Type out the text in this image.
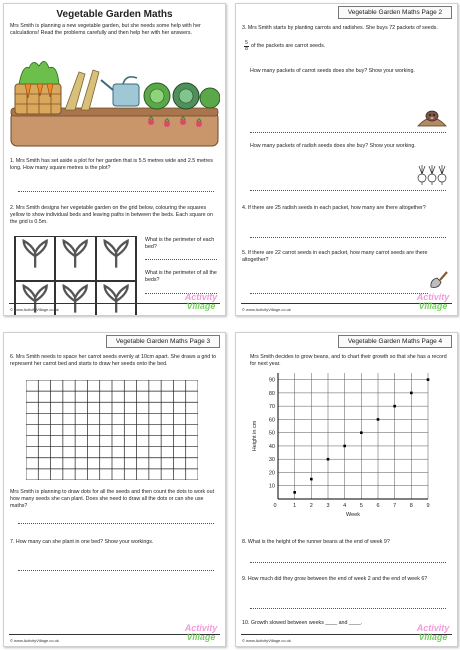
Vegetable Garden Maths
Mrs Smith is planning a new vegetable garden, but she needs some help with her calculations! Read the problems carefully and then help her with her answers.
1. Mrs Smith has set aside a plot for her garden that is 5.5 metres wide and 2.5 metres long. How many square metres is the plot?
2. Mrs Smith designs her vegetable garden on the grid below, colouring the squares yellow to show individual beds and leaving paths in between the beds. Each square on the grid is 0.5m.

What is the perimeter of each bed?
What is the perimeter of all the beds?
© www.ActivityVillage.co.uk
Activity
Village
Vegetable Garden Maths Page 2
3. Mrs Smith starts by planting carrots and radishes. She buys 72 packets of seeds.
$\frac{5}{8}$ of the packets are carrot seeds.
How many packets of carrot seeds does she buy? Show your working.
How many packets of radish seeds does she buy? Show your working.
4. If there are 25 radish seeds in each packet, how many are there altogether?
5. If there are 22 carrot seeds in each packet, how many carrot seeds are there altogether?
© www.ActivityVillage.co.uk
Activity
Village
Vegetable Garden Maths Page 3
6. Mrs Smith needs to space her carrot seeds evenly at 10cm apart. She draws a grid to represent her carrot bed and starts to draw her seeds onto the bed.
Mrs Smith is planning to draw dots for all the seeds and then count the dots to work out how many seeds she can plant. Does she need to draw all the dots or can she use maths?
7. How many can she plant in one bed? Show your workings.
© www.ActivityVillage.co.uk
Activity
Village
Vegetable Garden Maths Page 4
Mrs Smith decides to grow beans, and to chart their growth so that she has a record for next year.
10
20
30
40
50
60
70
80
90
0	1 2 3 4 5 6 7 8 9
Week
Height in cm
8. What is the height of the runner beans at the end of week 9?
9. How much did they grow between the end of week 2 and the end of week 6?
10. Growth slowed between weeks ____ and ____.
© www.ActivityVillage.co.uk
Activity
Village
